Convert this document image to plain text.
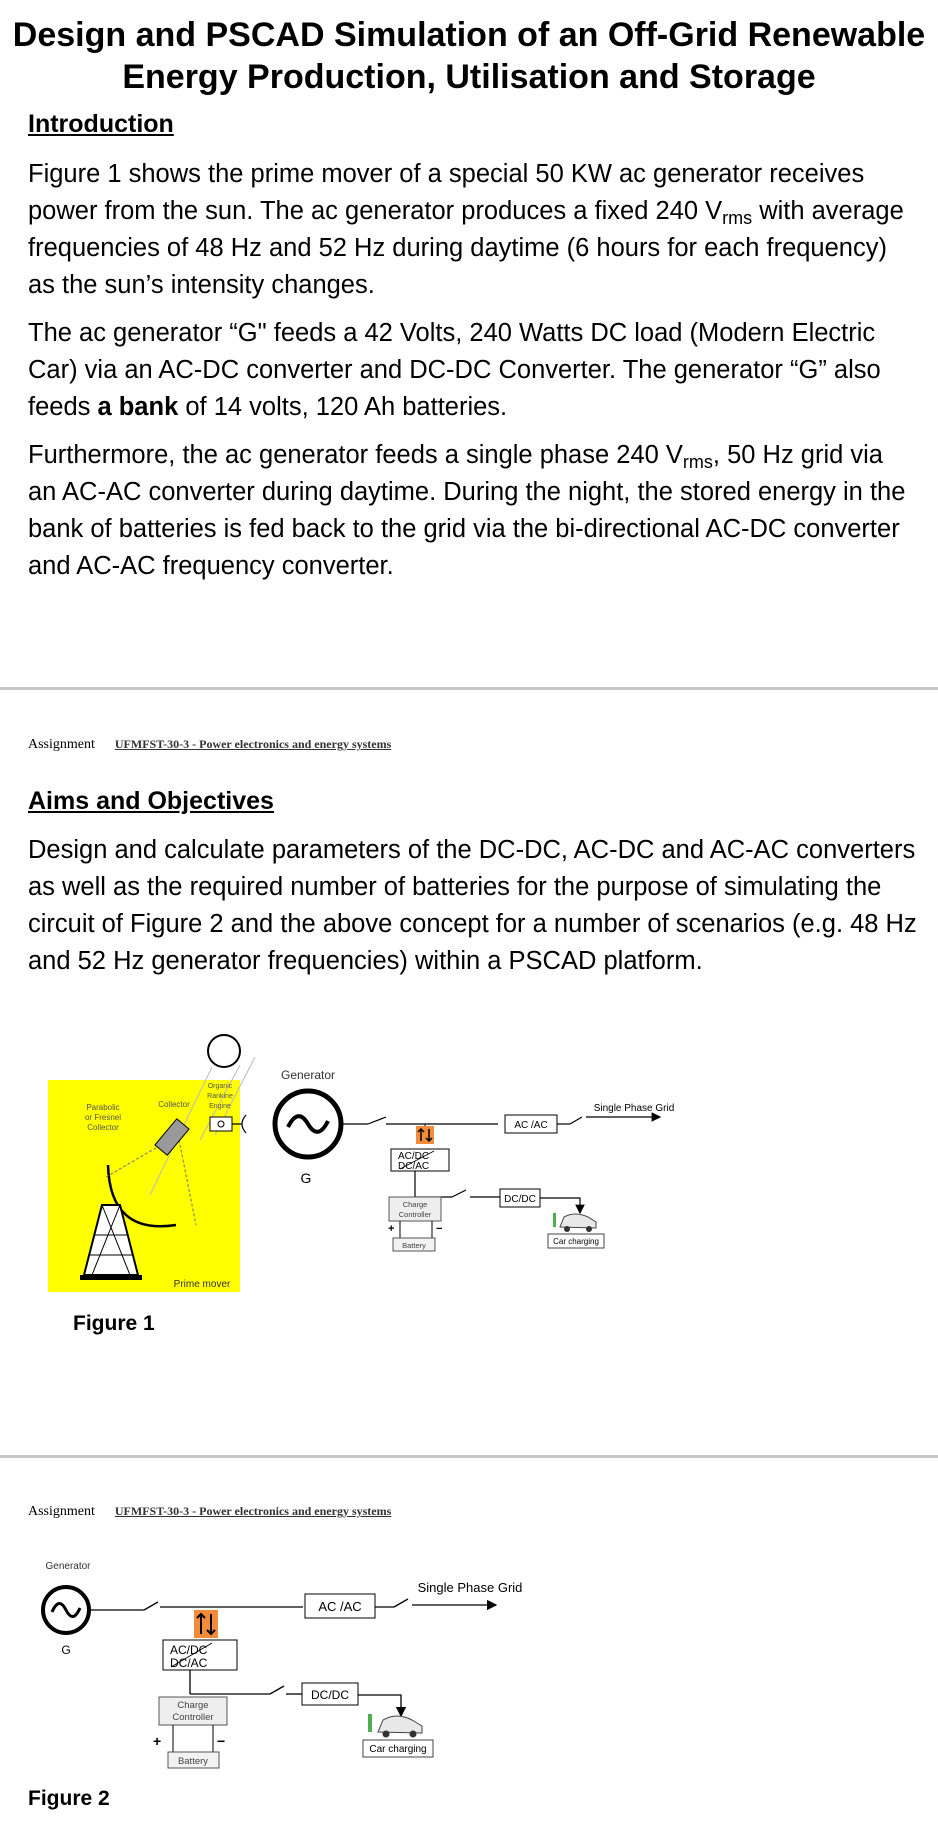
Design and PSCAD Simulation of an Off-Grid Renewable
Energy Production, Utilisation and Storage
Introduction
Figure 1 shows the prime mover of a special 50 KW ac generator receives power from the sun. The ac generator produces a fixed 240 $V_{rms}$ with average frequencies of 48 Hz and 52 Hz during daytime (6 hours for each frequency) as the sun’s intensity changes.
The ac generator “G" feeds a 42 Volts, 240 Watts DC load (Modern Electric Car) via an AC-DC converter and DC-DC Converter. The generator “G” also feeds a bank of 14 volts, 120 Ah batteries.
Furthermore, the ac generator feeds a single phase 240 $V_{rms}$, 50 Hz grid via an AC-AC converter during daytime. During the night, the stored energy in the bank of batteries is fed back to the grid via the bi-directional AC-DC converter and AC-AC frequency converter.
Assignment UFMFST-30-3 - Power electronics and energy systems
Aims and Objectives
Design and calculate parameters of the DC-DC, AC-DC and AC-AC converters as well as the required number of batteries for the purpose of simulating the circuit of Figure 2 and the above concept for a number of scenarios (e.g. 48 Hz and 52 Hz generator frequencies) within a PSCAD platform.
Parabolic
or Fresnel
Collector
Collector
Organic
Rankine
Engine
Prime mover
Generator
G
AC /AC
Single Phase Grid
AC/DC
DC/AC
DC/DC
Charge
Controller
+	−
Battery	Car charging
Figure 1
Assignment UFMFST-30-3 - Power electronics and energy systems
Generator
G
AC /AC
Single Phase Grid
AC/DC
DC/AC
DC/DC
Charge
Controller
+	−
Battery
Car charging
Figure 2
